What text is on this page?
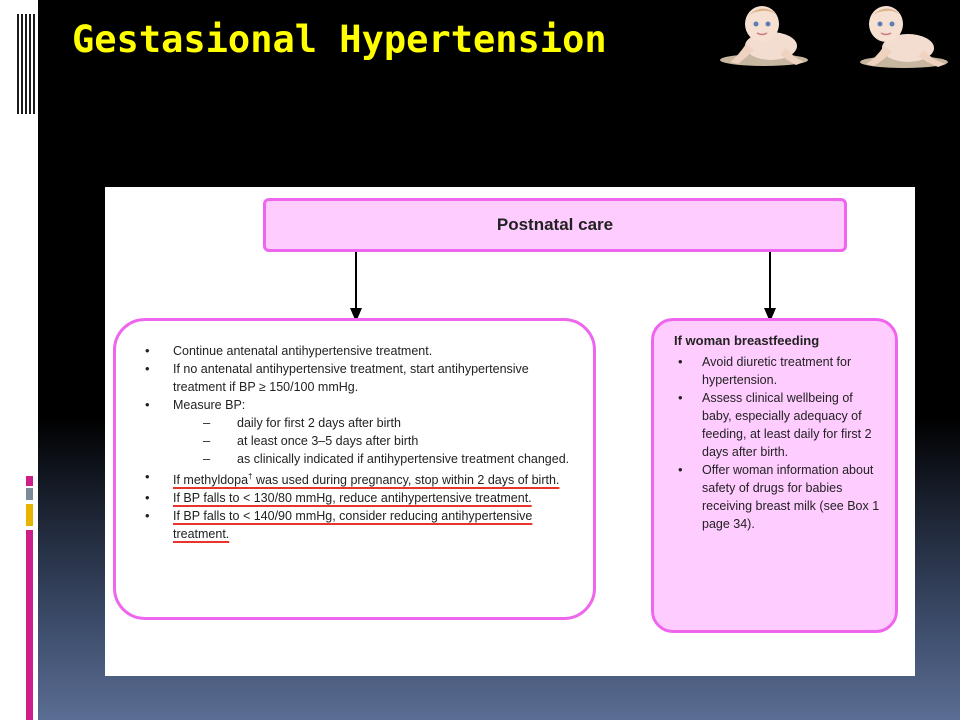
Gestasional Hypertension
Postnatal care
• Continue antenatal antihypertensive treatment.
• If no antenatal antihypertensive treatment, start antihypertensive treatment if BP ≥ 150/100 mmHg.
• Measure BP:
– daily for first 2 days after birth
– at least once 3–5 days after birth
– as clinically indicated if antihypertensive treatment changed.
• If methyldopa† was used during pregnancy, stop within 2 days of birth.
• If BP falls to < 130/80 mmHg, reduce antihypertensive treatment.
• If BP falls to < 140/90 mmHg, consider reducing antihypertensive treatment.
If woman breastfeeding
• Avoid diuretic treatment for hypertension.
• Assess clinical wellbeing of baby, especially adequacy of feeding, at least daily for first 2 days after birth.
• Offer woman information about safety of drugs for babies receiving breast milk (see Box 1 page 34).
